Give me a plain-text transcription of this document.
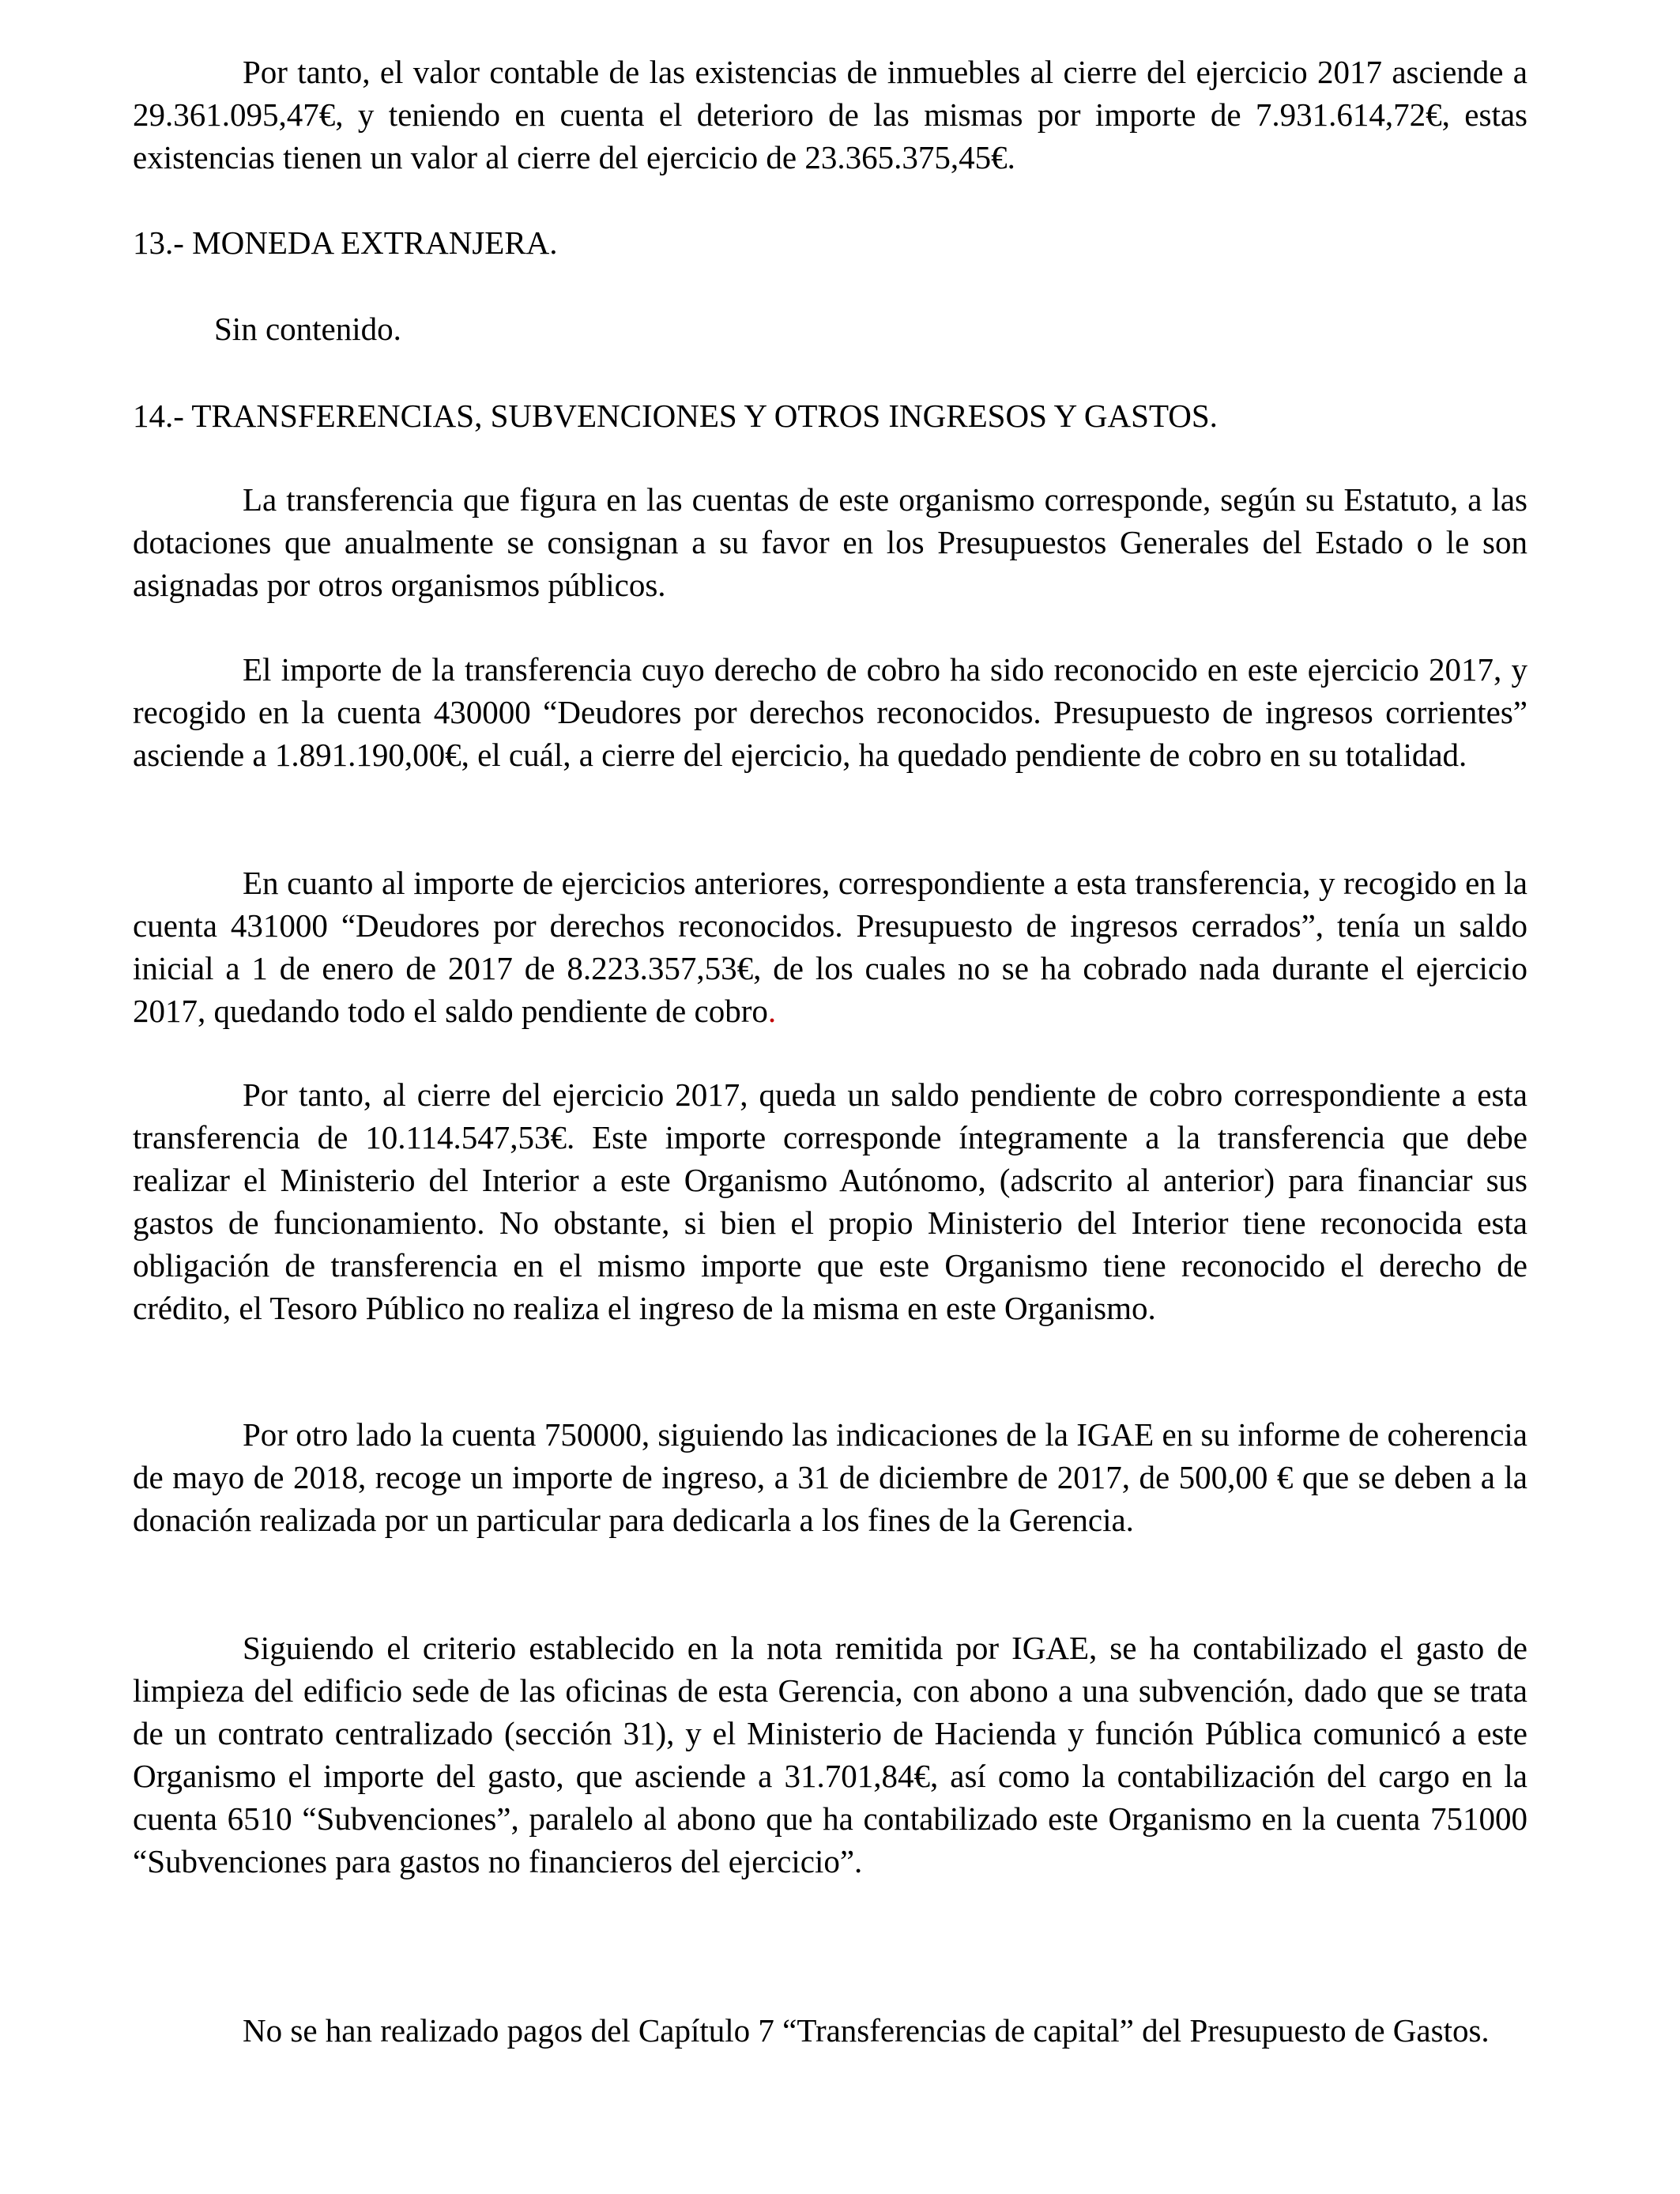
Por tanto, el valor contable de las existencias de inmuebles al cierre del ejercicio 2017 asciende a 29.361.095,47€, y teniendo en cuenta el deterioro de las mismas por importe de 7.931.614,72€, estas existencias tienen un valor al cierre del ejercicio de 23.365.375,45€.

13.- MONEDA EXTRANJERA.

Sin contenido.

14.- TRANSFERENCIAS, SUBVENCIONES Y OTROS INGRESOS Y GASTOS.

La transferencia que figura en las cuentas de este organismo corresponde, según su Estatuto, a las dotaciones que anualmente se consignan a su favor en los Presupuestos Generales del Estado o le son asignadas por otros organismos públicos.

El importe de la transferencia cuyo derecho de cobro ha sido reconocido en este ejercicio 2017, y recogido en la cuenta 430000 “Deudores por derechos reconocidos. Presupuesto de ingresos corrientes” asciende a 1.891.190,00€, el cuál, a cierre del ejercicio, ha quedado pendiente de cobro en su totalidad.

En cuanto al importe de ejercicios anteriores, correspondiente a esta transferencia, y recogido en la cuenta 431000 “Deudores por derechos reconocidos. Presupuesto de ingresos cerrados”, tenía un saldo inicial a 1 de enero de 2017 de 8.223.357,53€, de los cuales no se ha cobrado nada durante el ejercicio 2017, quedando todo el saldo pendiente de cobro.

Por tanto, al cierre del ejercicio 2017, queda un saldo pendiente de cobro correspondiente a esta transferencia de 10.114.547,53€. Este importe corresponde íntegramente a la transferencia que debe realizar el Ministerio del Interior a este Organismo Autónomo, (adscrito al anterior) para financiar sus gastos de funcionamiento. No obstante, si bien el propio Ministerio del Interior tiene reconocida esta obligación de transferencia en el mismo importe que este Organismo tiene reconocido el derecho de crédito, el Tesoro Público no realiza el ingreso de la misma en este Organismo.

Por otro lado la cuenta 750000, siguiendo las indicaciones de la IGAE en su informe de coherencia de mayo de 2018, recoge un importe de ingreso, a 31 de diciembre de 2017, de 500,00 € que se deben a la donación realizada por un particular para dedicarla a los fines de la Gerencia.

Siguiendo el criterio establecido en la nota remitida por IGAE, se ha contabilizado el gasto de limpieza del edificio sede de las oficinas de esta Gerencia, con abono a una subvención, dado que se trata de un contrato centralizado (sección 31), y el Ministerio de Hacienda y función Pública comunicó a este Organismo el importe del gasto, que asciende a 31.701,84€, así como la contabilización del cargo en la cuenta 6510 “Subvenciones”, paralelo al abono que ha contabilizado este Organismo en la cuenta 751000 “Subvenciones para gastos no financieros del ejercicio”.

No se han realizado pagos del Capítulo 7 “Transferencias de capital” del Presupuesto de Gastos.
